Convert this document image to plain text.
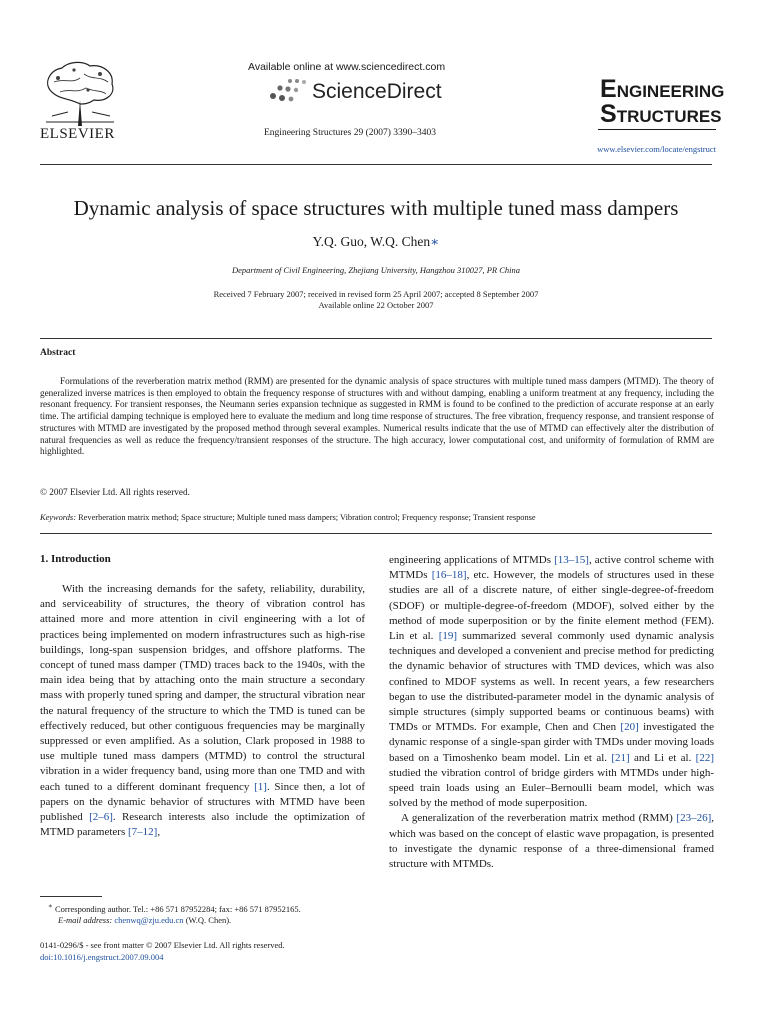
ELSEVIER
Available online at www.sciencedirect.com
ScienceDirect
Engineering Structures 29 (2007) 3390–3403
ENGINEERING
STRUCTURES
www.elsevier.com/locate/engstruct
Dynamic analysis of space structures with multiple tuned mass dampers
Y.Q. Guo, W.Q. Chen∗
Department of Civil Engineering, Zhejiang University, Hangzhou 310027, PR China
Received 7 February 2007; received in revised form 25 April 2007; accepted 8 September 2007
Available online 22 October 2007
Abstract
Formulations of the reverberation matrix method (RMM) are presented for the dynamic analysis of space structures with multiple tuned mass dampers (MTMD). The theory of generalized inverse matrices is then employed to obtain the frequency response of structures with and without damping, enabling a uniform treatment at any frequency, including the resonant frequency. For transient responses, the Neumann series expansion technique as suggested in RMM is found to be confined to the prediction of accurate response at an early time. The artificial damping technique is employed here to evaluate the medium and long time response of structures. The free vibration, frequency response, and transient response of structures with MTMD are investigated by the proposed method through several examples. Numerical results indicate that the use of MTMD can effectively alter the distribution of natural frequencies as well as reduce the frequency/transient responses of the structure. The high accuracy, lower computational cost, and uniformity of formulation of RMM are highlighted.
© 2007 Elsevier Ltd. All rights reserved.
Keywords: Reverberation matrix method; Space structure; Multiple tuned mass dampers; Vibration control; Frequency response; Transient response
1. Introduction
With the increasing demands for the safety, reliability, durability, and serviceability of structures, the theory of vibration control has attained more and more attention in civil engineering with a lot of practices being implemented on modern infrastructures such as high-rise buildings, long-span suspension bridges, and offshore platforms. The concept of tuned mass damper (TMD) traces back to the 1940s, with the main idea being that by attaching onto the main structure a secondary mass with properly tuned spring and damper, the structural vibration near the natural frequency of the structure to which the TMD is tuned can be effectively reduced, but other contiguous frequencies may be marginally suppressed or even amplified. As a solution, Clark proposed in 1988 to use multiple tuned mass dampers (MTMD) to control the structural vibration in a wider frequency band, using more than one TMD and with each tuned to a different dominant frequency [1]. Since then, a lot of papers on the dynamic behavior of structures with MTMD have been published [2–6]. Research interests also include the optimization of MTMD parameters [7–12],

engineering applications of MTMDs [13–15], active control scheme with MTMDs [16–18], etc. However, the models of structures used in these studies are all of a discrete nature, of either single-degree-of-freedom (SDOF) or multiple-degree-of-freedom (MDOF), solved either by the method of mode superposition or by the finite element method (FEM). Lin et al. [19] summarized several commonly used dynamic analysis techniques and developed a convenient and precise method for predicting the dynamic behavior of structures with TMD devices, which was also confined to MDOF systems as well. In recent years, a few researchers began to use the distributed-parameter model in the dynamic analysis of simple structures (simply supported beams or continuous beams) with TMDs or MTMDs. For example, Chen and Chen [20] investigated the dynamic response of a single-span girder with TMDs under moving loads based on a Timoshenko beam model. Lin et al. [21] and Li et al. [22] studied the vibration control of bridge girders with MTMDs under high-speed train loads using an Euler–Bernoulli beam model, which was solved by the method of mode superposition.

A generalization of the reverberation matrix method (RMM) [23–26], which was based on the concept of elastic wave propagation, is presented to investigate the dynamic response of a three-dimensional framed structure with MTMDs.

∗ Corresponding author. Tel.: +86 571 87952284; fax: +86 571 87952165.
E-mail address: chenwq@zju.edu.cn (W.Q. Chen).
0141-0296/$ - see front matter © 2007 Elsevier Ltd. All rights reserved.
doi:10.1016/j.engstruct.2007.09.004
